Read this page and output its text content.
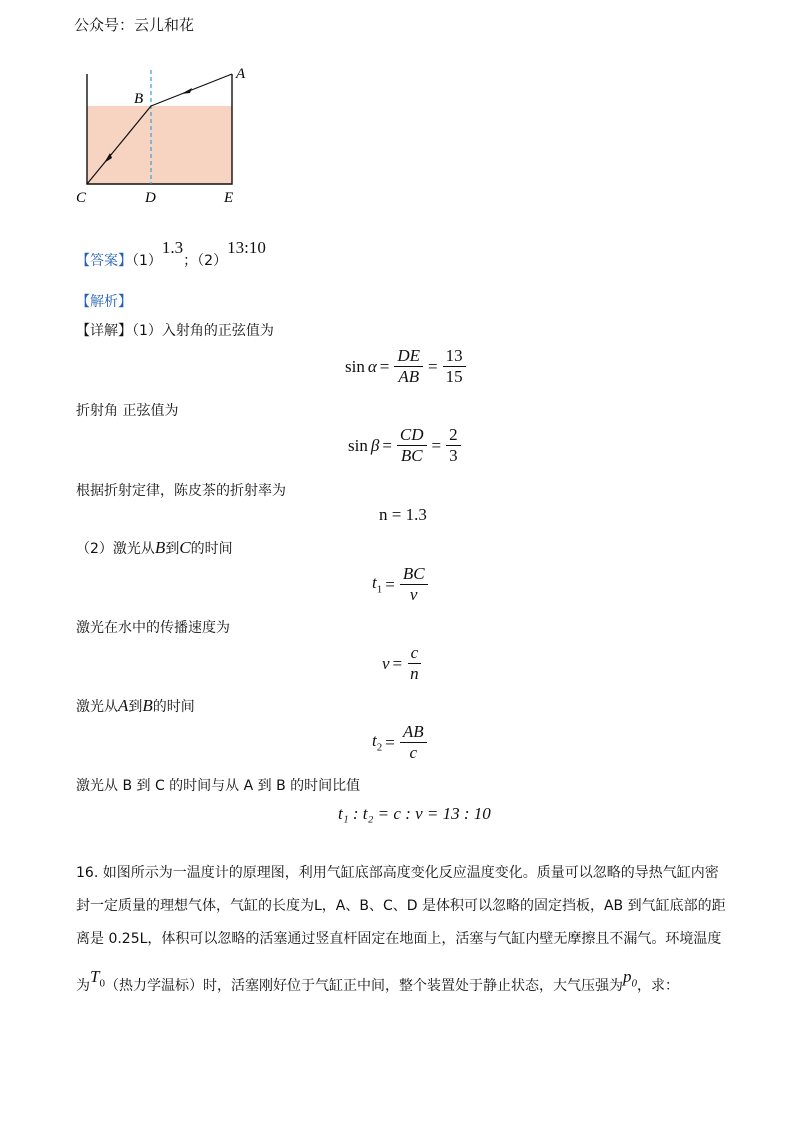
公众号：云儿和花
A
B
C	D	E
【答案】（1）1.3；（2）13:10
【解析】
【详解】（1）入射角的正弦值为
$\sin \alpha = \frac{DE}{AB} = \frac{13}{15}$
折射角 正弦值为
$\sin \beta = \frac{CD}{BC} = \frac{2}{3}$
根据折射定律，陈皮茶的折射率为
n = 1.3
（2）激光从B到C的时间
$t_1 = \frac{BC}{v}$
激光在水中的传播速度为
$v = \frac{c}{n}$
激光从A到B的时间
$t_2 = \frac{AB}{c}$
激光从 B 到 C 的时间与从 A 到 B 的时间比值
t₁ : t₂ = c : v = 13 : 10
16. 如图所示为一温度计的原理图，利用气缸底部高度变化反应温度变化。质量可以忽略的导热气缸内密
封一定质量的理想气体，气缸的长度为L，A、B、C、D 是体积可以忽略的固定挡板，AB 到气缸底部的距
离是 0.25L，体积可以忽略的活塞通过竖直杆固定在地面上，活塞与气缸内壁无摩擦且不漏气。环境温度
为$T_0$（热力学温标）时，活塞刚好位于气缸正中间，整个装置处于静止状态，大气压强为$p_0$，求：
